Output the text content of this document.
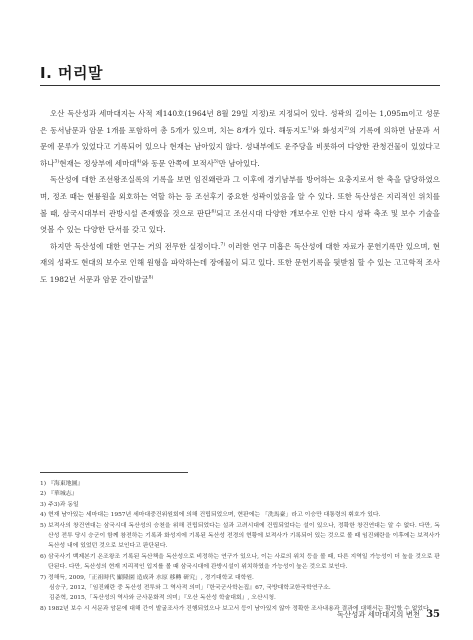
Ⅰ. 머리말

오산 독산성과 세마대지는 사적 제140호(1964년 8월 29일 지정)로 지정되어 있다. 성곽의 길이는 1,095m이고 성문은 동서남문과 암문 1개를 포함하여 총 5개가 있으며, 치는 8개가 있다. 해동지도$^{1)}$와 화성지$^{2)}$의 기록에 의하면 남문과 서문에 문루가 있었다고 기록되어 있으나 현재는 남아있지 않다. 성내부에도 운주당을 비롯하여 다양한 관청건물이 있었다고 하나$^{3)}$현재는 정상부에 세마대$^{4)}$와 동문 안쪽에 보적사$^{5)}$만 남아있다.

독산성에 대한 조선왕조실록의 기록을 보면 임진왜란과 그 이후에 경기남부를 방어하는 요충지로서 한 축을 담당하였으며, 정조 때는 현륭원을 외호하는 역할 하는 등 조선후기 중요한 성곽이었음을 알 수 있다. 또한 독산성은 지리적인 위치를 볼 때, 삼국시대부터 관방시설 존재했을 것으로 판단$^{6)}$되고 조선시대 다양한 개보수로 인한 다시 성곽 축조 및 보수 기술을 엿볼 수 있는 다양한 단서를 갖고 있다.

하지만 독산성에 대한 연구는 거의 전무한 실정이다.$^{7)}$ 이러한 연구 미흡은 독산성에 대한 자료가 문헌기록만 있으며, 현재의 성곽도 현대의 보수로 인해 원형을 파악하는데 장애물이 되고 있다. 또한 문헌기록을 뒷받침 할 수 있는 고고학적 조사도 1982년 서문과 암문 간이발굴$^{8)}$

1) 『海東地圖』
2) 『華城志』
3) 주3)과 동일
4) 현재 남아있는 세마대는 1957년 세마대중건위원회에 의해 건립되었으며, 현판에는 「洗馬臺」라고 이승만 대통령의 휘호가 있다.
5) 보적사의 창건연대는 삼국시대 독산성의 승천을 위해 건립되었다는 설과 고려시대에 건립되었다는 설이 있으나, 정확한 창건연대는 알 수 없다. 다만, 독산성 전투 당시 승군이 함께 참전하는 기록과 화성지에 기록된 독산성 전경의 현황에 보적사가 기록되어 있는 것으로 볼 때 임진왜란을 이후에는 보적사가 독산성 내에 있었던 것으로 보인다고 판단된다.
6) 삼국사기 백제본기 온조왕조 기록된 독산책을 독산성으로 비정하는 연구가 있으나, 이는 사료의 위치 등을 볼 때, 다른 지역일 가능성이 더 높을 것으로 판단된다. 다만, 독산성의 현재 지리적인 입지를 볼 때 삼국시대에 관방시설이 위치하였을 가능성이 높은 것으로 보인다.
7) 정해득, 2009,「正祖時代 顯隆園 造成과 水原 移轉 研究」, 경기대학교 대학원.
심승구, 2012,「임진왜란 중 독산성 전투와 그 역사적 의미」『한국군사학논집』67, 국방대학교한국학연구소.
김준혁, 2015,「독산성의 역사와 군사문화적 의미」『오산 독산성 학술대회』, 오산시청.
8) 1982년 보수 시 서문과 암문에 대해 간이 발굴조사가 진행되었으나 보고서 등이 남아있지 않아 정확한 조사내용과 결과에 대해서는 확인할 수 없었다.
독산성과 세마대지의 변천 35
